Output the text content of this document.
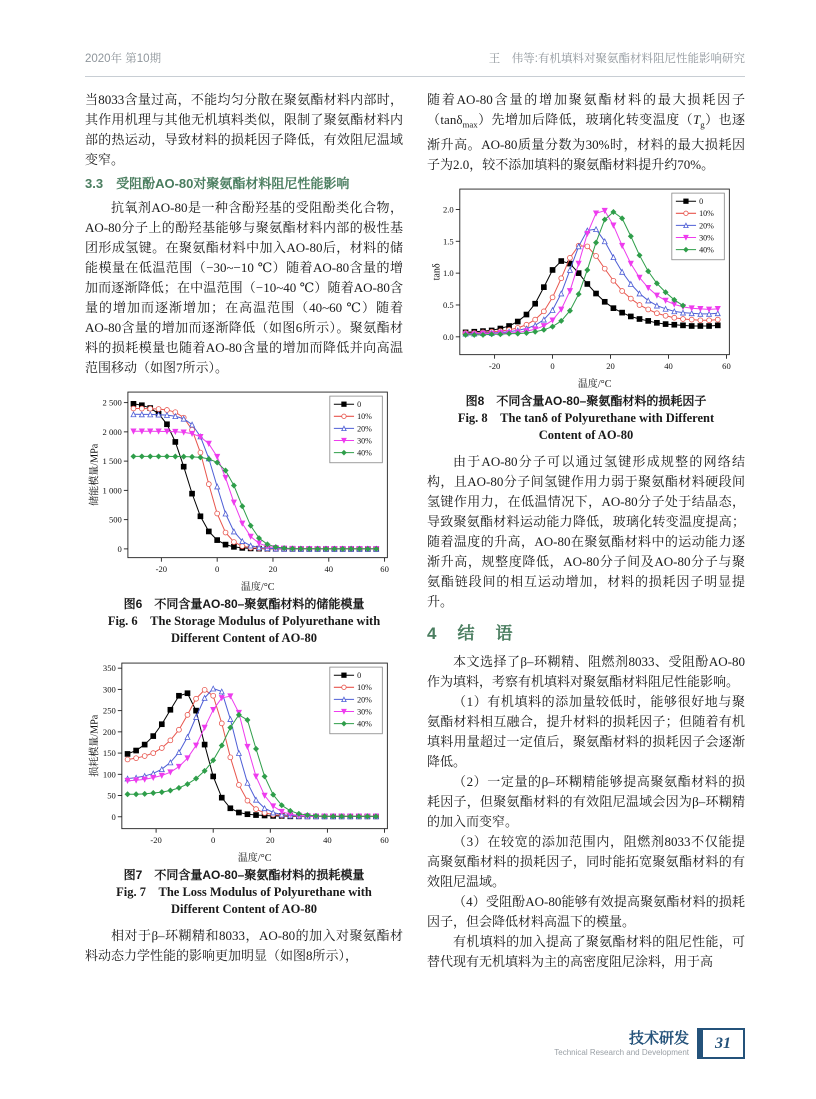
2020年 第10期	王　伟等:有机填料对聚氨酯材料阻尼性能影响研究

当8033含量过高，不能均匀分散在聚氨酯材料内部时，其作用机理与其他无机填料类似，限制了聚氨酯材料内部的热运动，导致材料的损耗因子降低，有效阻尼温域变窄。

3.3　受阻酚AO-80对聚氨酯材料阻尼性能影响

抗氧剂AO-80是一种含酚羟基的受阻酚类化合物，AO-80分子上的酚羟基能够与聚氨酯材料内部的极性基团形成氢键。在聚氨酯材料中加入AO-80后，材料的储能模量在低温范围（−30~−10 ℃）随着AO-80含量的增加而逐渐降低；在中温范围（−10~40 ℃）随着AO-80含量的增加而逐渐增加；在高温范围（40~60 ℃）随着AO-80含量的增加而逐渐降低（如图6所示）。聚氨酯材料的损耗模量也随着AO-80含量的增加而降低并向高温范围移动（如图7所示）。

-20	0	20	40	60
0
500
1 000
1 500
2 000
2 500
温度/°C
储能模量/MPa
0
10%
20%
30%
40%
图6　不同含量AO-80–聚氨酯材料的储能模量
Fig. 6　The Storage Modulus of Polyurethane with Different Content of AO-80
-20	0	20	40	60
0
50
100
150
200
250
300
350
温度/°C
损耗模量/MPa
0
10%
20%
30%
40%
图7　不同含量AO-80–聚氨酯材料的损耗模量
Fig. 7　The Loss Modulus of Polyurethane with Different Content of AO-80

相对于β–环糊精和8033，AO-80的加入对聚氨酯材料动态力学性能的影响更加明显（如图8所示），

随着AO-80含量的增加聚氨酯材料的最大损耗因子（tanδ$_{max}$）先增加后降低，玻璃化转变温度$(T_g)$也逐渐升高。AO-80质量分数为30%时，材料的最大损耗因子为2.0，较不添加填料的聚氨酯材料提升约70%。

-20	0	20	40	60
0.0
0.5
1.0
1.5
2.0
温度/°C
tanδ
0
10%
20%
30%
40%
图8　不同含量AO-80–聚氨酯材料的损耗因子
Fig. 8　The tanδ of Polyurethane with Different Content of AO-80

由于AO-80分子可以通过氢键形成规整的网络结构，且AO-80分子间氢键作用力弱于聚氨酯材料硬段间氢键作用力，在低温情况下，AO-80分子处于结晶态，导致聚氨酯材料运动能力降低，玻璃化转变温度提高；随着温度的升高，AO-80在聚氨酯材料中的运动能力逐渐升高，规整度降低，AO-80分子间及AO-80分子与聚氨酯链段间的相互运动增加，材料的损耗因子明显提升。

4　结　语

本文选择了β–环糊精、阻燃剂8033、受阻酚AO-80作为填料，考察有机填料对聚氨酯材料阻尼性能影响。

（1）有机填料的添加量较低时，能够很好地与聚氨酯材料相互融合，提升材料的损耗因子；但随着有机填料用量超过一定值后，聚氨酯材料的损耗因子会逐渐降低。

（2）一定量的β–环糊精能够提高聚氨酯材料的损耗因子，但聚氨酯材料的有效阻尼温域会因为β–环糊精的加入而变窄。

（3）在较宽的添加范围内，阻燃剂8033不仅能提高聚氨酯材料的损耗因子，同时能拓宽聚氨酯材料的有效阻尼温域。

（4）受阻酚AO-80能够有效提高聚氨酯材料的损耗因子，但会降低材料高温下的模量。

有机填料的加入提高了聚氨酯材料的阻尼性能，可替代现有无机填料为主的高密度阻尼涂料，用于高

技术研发
Technical Research and Development
31
